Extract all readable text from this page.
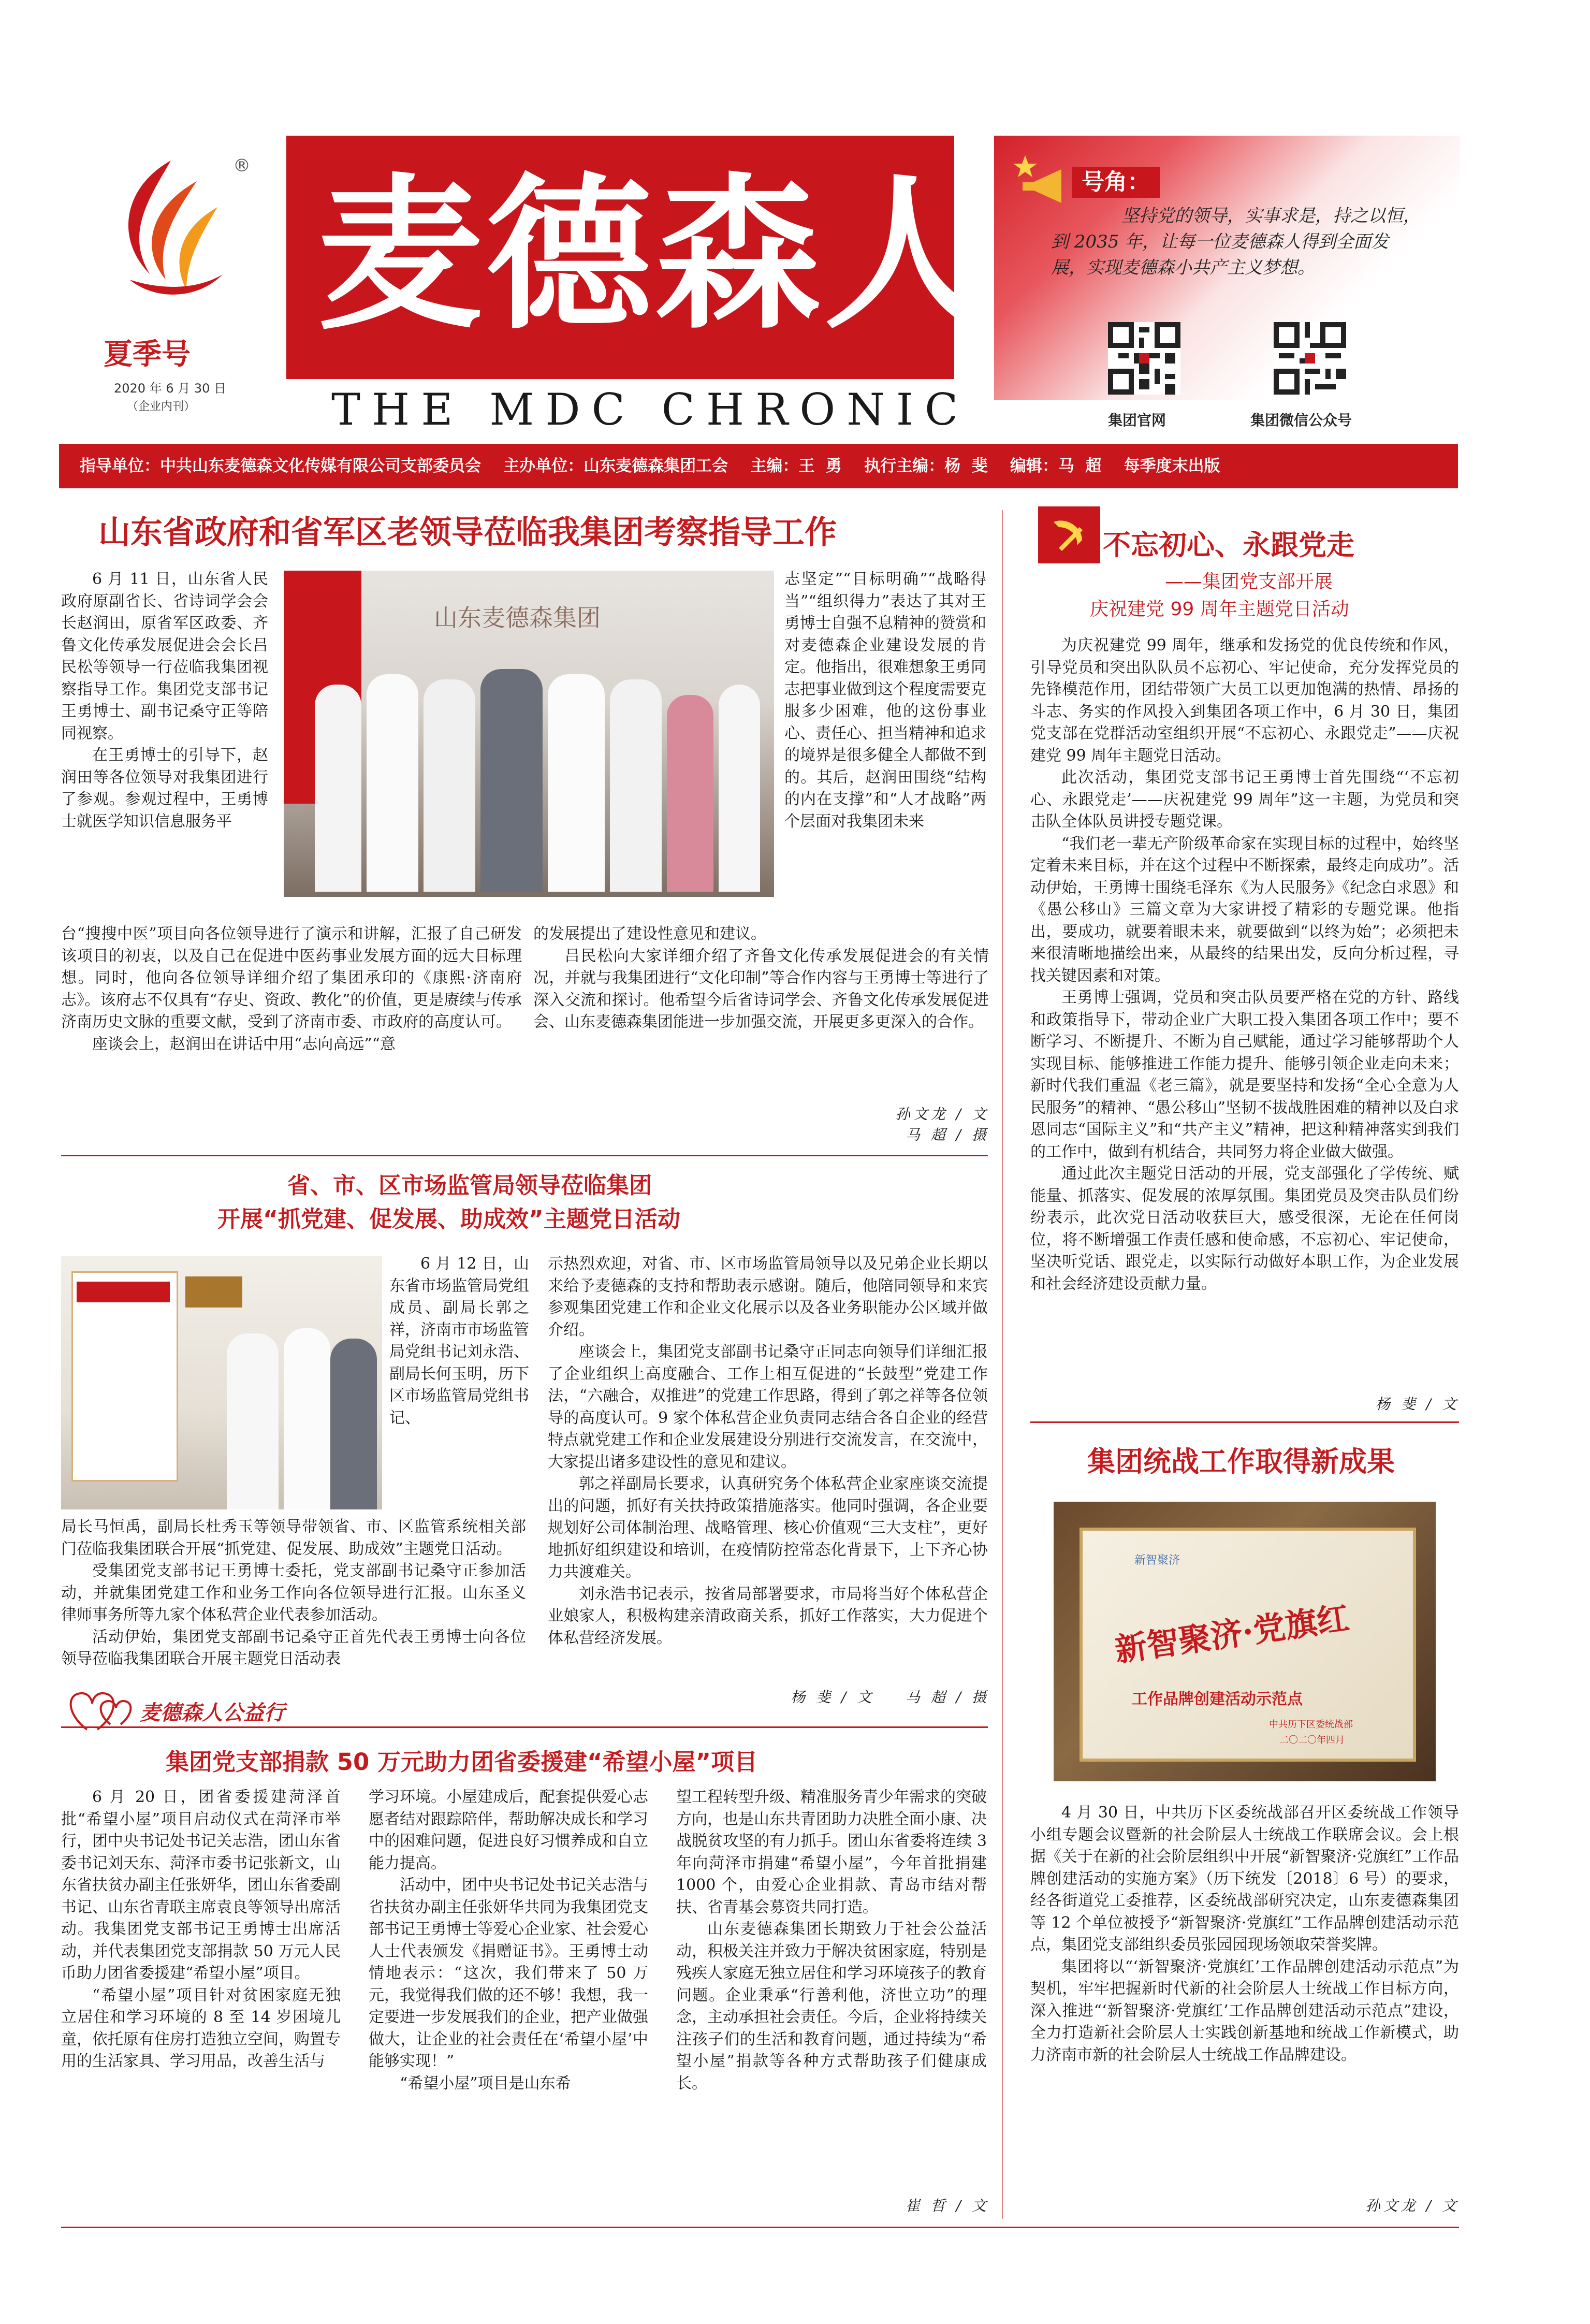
®
夏季号
2020 年 6 月 30 日
（企业内刊）
麦德森人
THE MDC CHRONIC
号角：
坚持党的领导，实事求是，持之以恒，到 2035 年，让每一位麦德森人得到全面发展，实现麦德森小共产主义梦想。
集团官网	集团微信公众号
指导单位：中共山东麦德森文化传媒有限公司支部委员会    主办单位：山东麦德森集团工会    主编：王  勇    执行主编：杨  斐    编辑：马  超    每季度末出版
山东省政府和省军区老领导莅临我集团考察指导工作

6 月 11 日，山东省人民政府原副省长、省诗词学会会长赵润田，原省军区政委、齐鲁文化传承发展促进会会长吕民松等领导一行莅临我集团视察指导工作。集团党支部书记王勇博士、副书记桑守正等陪同视察。

在王勇博士的引导下，赵润田等各位领导对我集团进行了参观。参观过程中，王勇博士就医学知识信息服务平

山东麦德森集团

志坚定”“目标明确”“战略得当”“组织得力”表达了其对王勇博士自强不息精神的赞赏和对麦德森企业建设发展的肯定。他指出，很难想象王勇同志把事业做到这个程度需要克服多少困难，他的这份事业心、责任心、担当精神和追求的境界是很多健全人都做不到的。其后，赵润田围绕“结构的内在支撑”和“人才战略”两个层面对我集团未来

台“搜搜中医”项目向各位领导进行了演示和讲解，汇报了自己研发该项目的初衷，以及自己在促进中医药事业发展方面的远大目标理想。同时，他向各位领导详细介绍了集团承印的《康熙·济南府志》。该府志不仅具有“存史、资政、教化”的价值，更是赓续与传承济南历史文脉的重要文献，受到了济南市委、市政府的高度认可。

座谈会上，赵润田在讲话中用“志向高远”“意

的发展提出了建设性意见和建议。

吕民松向大家详细介绍了齐鲁文化传承发展促进会的有关情况，并就与我集团进行“文化印制”等合作内容与王勇博士等进行了深入交流和探讨。他希望今后省诗词学会、齐鲁文化传承发展促进会、山东麦德森集团能进一步加强交流，开展更多更深入的合作。

孙文龙 / 文
马 超 / 摄
省、市、区市场监管局领导莅临集团
开展“抓党建、促发展、助成效”主题党日活动

6 月 12 日，山东省市场监管局党组成员、副局长郭之祥，济南市市场监管局党组书记刘永浩、副局长何玉明，历下区市场监管局党组书记、

局长马恒禹，副局长杜秀玉等领导带领省、市、区监管系统相关部门莅临我集团联合开展“抓党建、促发展、助成效”主题党日活动。

受集团党支部书记王勇博士委托，党支部副书记桑守正参加活动，并就集团党建工作和业务工作向各位领导进行汇报。山东圣义律师事务所等九家个体私营企业代表参加活动。

活动伊始，集团党支部副书记桑守正首先代表王勇博士向各位领导莅临我集团联合开展主题党日活动表

示热烈欢迎，对省、市、区市场监管局领导以及兄弟企业长期以来给予麦德森的支持和帮助表示感谢。随后，他陪同领导和来宾参观集团党建工作和企业文化展示以及各业务职能办公区域并做介绍。

座谈会上，集团党支部副书记桑守正同志向领导们详细汇报了企业组织上高度融合、工作上相互促进的“长鼓型”党建工作法，“六融合，双推进”的党建工作思路，得到了郭之祥等各位领导的高度认可。9 家个体私营企业负责同志结合各自企业的经营特点就党建工作和企业发展建设分别进行交流发言，在交流中，大家提出诸多建设性的意见和建议。

郭之祥副局长要求，认真研究务个体私营企业家座谈交流提出的问题，抓好有关扶持政策措施落实。他同时强调，各企业要规划好公司体制治理、战略管理、核心价值观“三大支柱”，更好地抓好组织建设和培训，在疫情防控常态化背景下，上下齐心协力共渡难关。

刘永浩书记表示，按省局部署要求，市局将当好个体私营企业娘家人，积极构建亲清政商关系，抓好工作落实，大力促进个体私营经济发展。

杨 斐 / 文    马 超 / 摄
麦德森人公益行
集团党支部捐款 50 万元助力团省委援建“希望小屋”项目

6 月 20 日，团省委援建菏泽首批“希望小屋”项目启动仪式在菏泽市举行，团中央书记处书记关志浩，团山东省委书记刘天东、菏泽市委书记张新文，山东省扶贫办副主任张妍华，团山东省委副书记、山东省青联主席袁良等领导出席活动。我集团党支部书记王勇博士出席活动，并代表集团党支部捐款 50 万元人民币助力团省委援建“希望小屋”项目。

“希望小屋”项目针对贫困家庭无独立居住和学习环境的 8 至 14 岁困境儿童，依托原有住房打造独立空间，购置专用的生活家具、学习用品，改善生活与

学习环境。小屋建成后，配套提供爱心志愿者结对跟踪陪伴，帮助解决成长和学习中的困难问题，促进良好习惯养成和自立能力提高。

活动中，团中央书记处书记关志浩与省扶贫办副主任张妍华共同为我集团党支部书记王勇博士等爱心企业家、社会爱心人士代表颁发《捐赠证书》。王勇博士动情地表示：“这次，我们带来了 50 万元，我觉得我们做的还不够！我想，我一定要进一步发展我们的企业，把产业做强做大，让企业的社会责任在‘希望小屋’中能够实现！”

“希望小屋”项目是山东希

望工程转型升级、精准服务青少年需求的突破方向，也是山东共青团助力决胜全面小康、决战脱贫攻坚的有力抓手。团山东省委将连续 3 年向菏泽市捐建“希望小屋”，今年首批捐建 1000 个，由爱心企业捐款、青岛市结对帮扶、省青基会募资共同打造。

山东麦德森集团长期致力于社会公益活动，积极关注并致力于解决贫困家庭，特别是残疾人家庭无独立居住和学习环境孩子的教育问题。企业秉承“行善利他，济世立功”的理念，主动承担社会责任。今后，企业将持续关注孩子们的生活和教育问题，通过持续为“希望小屋”捐款等各种方式帮助孩子们健康成长。

崔 哲 / 文
不忘初心、永跟党走
——集团党支部开展
庆祝建党 99 周年主题党日活动

为庆祝建党 99 周年，继承和发扬党的优良传统和作风，引导党员和突出队队员不忘初心、牢记使命，充分发挥党员的先锋模范作用，团结带领广大员工以更加饱满的热情、昂扬的斗志、务实的作风投入到集团各项工作中，6 月 30 日，集团党支部在党群活动室组织开展“不忘初心、永跟党走”——庆祝建党 99 周年主题党日活动。

此次活动，集团党支部书记王勇博士首先围绕“‘不忘初心、永跟党走’——庆祝建党 99 周年”这一主题，为党员和突击队全体队员讲授专题党课。

“我们老一辈无产阶级革命家在实现目标的过程中，始终坚定着未来目标，并在这个过程中不断探索，最终走向成功”。活动伊始，王勇博士围绕毛泽东《为人民服务》《纪念白求恩》和《愚公移山》三篇文章为大家讲授了精彩的专题党课。他指出，要成功，就要着眼未来，就要做到“以终为始”；必须把未来很清晰地描绘出来，从最终的结果出发，反向分析过程，寻找关键因素和对策。

王勇博士强调，党员和突击队员要严格在党的方针、路线和政策指导下，带动企业广大职工投入集团各项工作中；要不断学习、不断提升、不断为自己赋能，通过学习能够帮助个人实现目标、能够推进工作能力提升、能够引领企业走向未来；新时代我们重温《老三篇》，就是要坚持和发扬“全心全意为人民服务”的精神、“愚公移山”坚韧不拔战胜困难的精神以及白求恩同志“国际主义”和“共产主义”精神，把这种精神落实到我们的工作中，做到有机结合，共同努力将企业做大做强。

通过此次主题党日活动的开展，党支部强化了学传统、赋能量、抓落实、促发展的浓厚氛围。集团党员及突击队员们纷纷表示，此次党日活动收获巨大，感受很深，无论在任何岗位，将不断增强工作责任感和使命感，不忘初心、牢记使命，坚决听党话、跟党走，以实际行动做好本职工作，为企业发展和社会经济建设贡献力量。

杨 斐 / 文
集团统战工作取得新成果
新智聚济
新智聚济·党旗红
工作品牌创建活动示范点
中共历下区委统战部
二〇二〇年四月

4 月 30 日，中共历下区委统战部召开区委统战工作领导小组专题会议暨新的社会阶层人士统战工作联席会议。会上根据《关于在新的社会阶层组织中开展“新智聚济·党旗红”工作品牌创建活动的实施方案》（历下统发〔2018〕6 号）的要求，经各街道党工委推荐，区委统战部研究决定，山东麦德森集团等 12 个单位被授予“新智聚济·党旗红”工作品牌创建活动示范点，集团党支部组织委员张园园现场领取荣誉奖牌。

集团将以“‘新智聚济·党旗红’工作品牌创建活动示范点”为契机，牢牢把握新时代新的社会阶层人士统战工作目标方向，深入推进“‘新智聚济·党旗红’工作品牌创建活动示范点”建设，全力打造新社会阶层人士实践创新基地和统战工作新模式，助力济南市新的社会阶层人士统战工作品牌建设。

孙文龙 / 文
